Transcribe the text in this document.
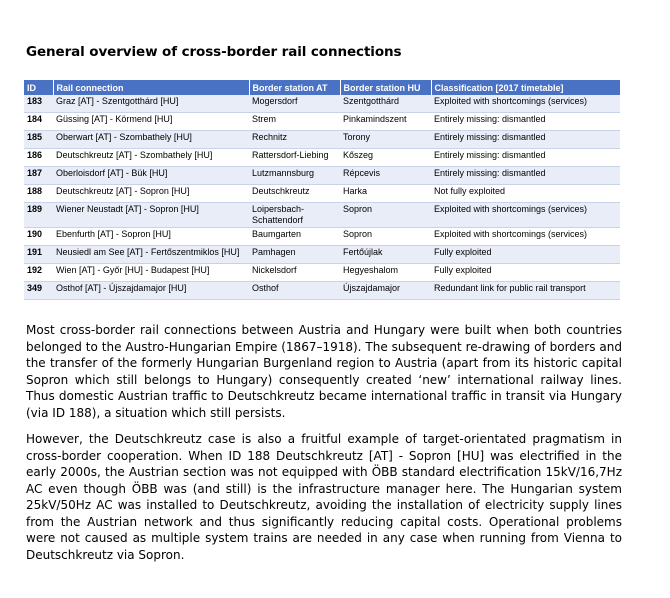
General overview of cross-border rail connections
ID	Rail connection	Border station AT	Border station HU	Classification [2017 timetable]
183	Graz [AT] - Szentgotthárd [HU]	Mogersdorf	Szentgotthárd	Exploited with shortcomings (services)
184	Güssing [AT] - Körmend [HU]	Strem	Pinkamindszent	Entirely missing: dismantled
185	Oberwart [AT] - Szombathely [HU]	Rechnitz	Torony	Entirely missing: dismantled
186	Deutschkreutz [AT] - Szombathely [HU]	Rattersdorf-Liebing	Kőszeg	Entirely missing: dismantled
187	Oberloisdorf [AT] - Bük [HU]	Lutzmannsburg	Répcevis	Entirely missing: dismantled
188	Deutschkreutz [AT] - Sopron [HU]	Deutschkreutz	Harka	Not fully exploited
189	Wiener Neustadt [AT] - Sopron [HU]	Loipersbach-Schattendorf	Sopron	Exploited with shortcomings (services)
190	Ebenfurth [AT] - Sopron [HU]	Baumgarten	Sopron	Exploited with shortcomings (services)
191	Neusiedl am See [AT] - Fertőszentmiklos [HU]	Pamhagen	Fertőújlak	Fully exploited
192	Wien [AT] - Győr [HU] - Budapest [HU]	Nickelsdorf	Hegyeshalom	Fully exploited
349	Osthof [AT] - Újszajdamajor [HU]	Osthof	Újszajdamajor	Redundant link for public rail transport

Most cross-border rail connections between Austria and Hungary were built when both countries belonged to the Austro-Hungarian Empire (1867–1918). The subsequent re-drawing of borders and the transfer of the formerly Hungarian Burgenland region to Austria (apart from its historic capital Sopron which still belongs to Hungary) consequently created ‘new’ international railway lines. Thus domestic Austrian traffic to Deutschkreutz became international traffic in transit via Hungary (via ID 188), a situation which still persists.

However, the Deutschkreutz case is also a fruitful example of target-orientated pragmatism in cross-border cooperation. When ID 188 Deutschkreutz [AT] - Sopron [HU] was electrified in the early 2000s, the Austrian section was not equipped with ÖBB standard electrification 15kV/16,7Hz AC even though ÖBB was (and still) is the infrastructure manager here. The Hungarian system 25kV/50Hz AC was installed to Deutschkreutz, avoiding the installation of electricity supply lines from the Austrian network and thus significantly reducing capital costs. Operational problems were not caused as multiple system trains are needed in any case when running from Vienna to Deutschkreutz via Sopron.
